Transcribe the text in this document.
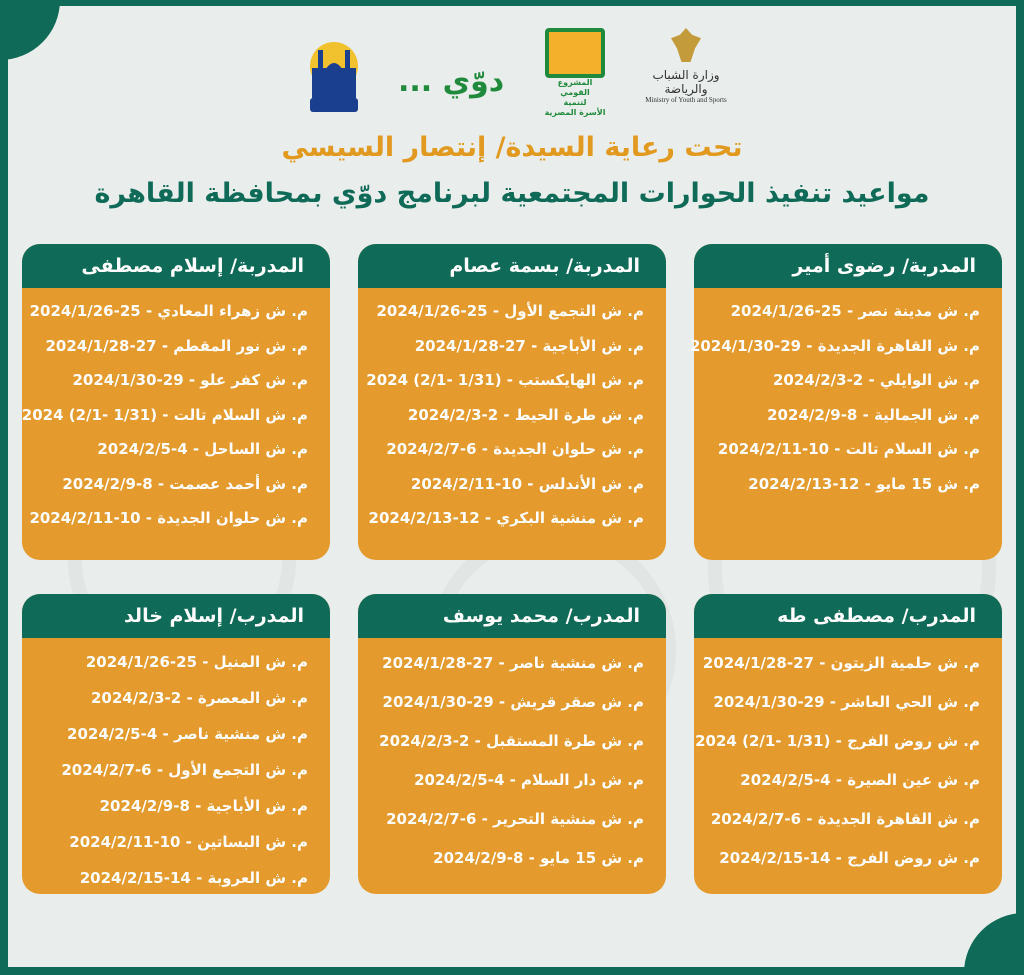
دوّي ...	المشروع القومي
لتنمية
الأسرة المصرية
وزارة الشباب والرياضة
Ministry of Youth and Sports
تحت رعاية السيدة/ إنتصار السيسي
مواعيد تنفيذ الحوارات المجتمعية لبرنامج دوّي بمحافظة القاهرة
المدربة/ رضوى أمير
م. ش مدينة نصر - 25-2024/1/26
م. ش القاهرة الجديدة - 29-2024/1/30
م. ش الوايلي - 2-2024/2/3
م. ش الجمالية - 8-2024/2/9
م. ش السلام تالت - 10-2024/2/11
م. ش 15 مايو - 12-2024/2/13
المدربة/ بسمة عصام
م. ش التجمع الأول - 25-2024/1/26
م. ش الأباجية - 27-2024/1/28
م. ش الهايكستب - (1/31 -2/1) 2024
م. ش طرة الحيط - 2-2024/2/3
م. ش حلوان الجديدة - 6-2024/2/7
م. ش الأندلس - 10-2024/2/11
م. ش منشية البكري - 12-2024/2/13
المدربة/ إسلام مصطفى
م. ش زهراء المعادي - 25-2024/1/26
م. ش نور المقطم - 27-2024/1/28
م. ش كفر علو - 29-2024/1/30
م. ش السلام تالت - (1/31 -2/1) 2024
م. ش الساحل - 4-2024/2/5
م. ش أحمد عصمت - 8-2024/2/9
م. ش حلوان الجديدة - 10-2024/2/11
المدرب/ مصطفى طه
م. ش حلمية الزيتون - 27-2024/1/28
م. ش الحي العاشر - 29-2024/1/30
م. ش روض الفرج - (1/31 -2/1) 2024
م. ش عين الصيرة - 4-2024/2/5
م. ش القاهرة الجديدة - 6-2024/2/7
م. ش روض الفرج - 14-2024/2/15
المدرب/ محمد يوسف
م. ش منشية ناصر - 27-2024/1/28
م. ش صقر قريش - 29-2024/1/30
م. ش طرة المستقبل - 2-2024/2/3
م. ش دار السلام - 4-2024/2/5
م. ش منشية التحرير - 6-2024/2/7
م. ش 15 مايو - 8-2024/2/9
المدرب/ إسلام خالد
م. ش المنيل - 25-2024/1/26
م. ش المعصرة - 2-2024/2/3
م. ش منشية ناصر - 4-2024/2/5
م. ش التجمع الأول - 6-2024/2/7
م. ش الأباجية - 8-2024/2/9
م. ش البساتين - 10-2024/2/11
م. ش العروبة - 14-2024/2/15
